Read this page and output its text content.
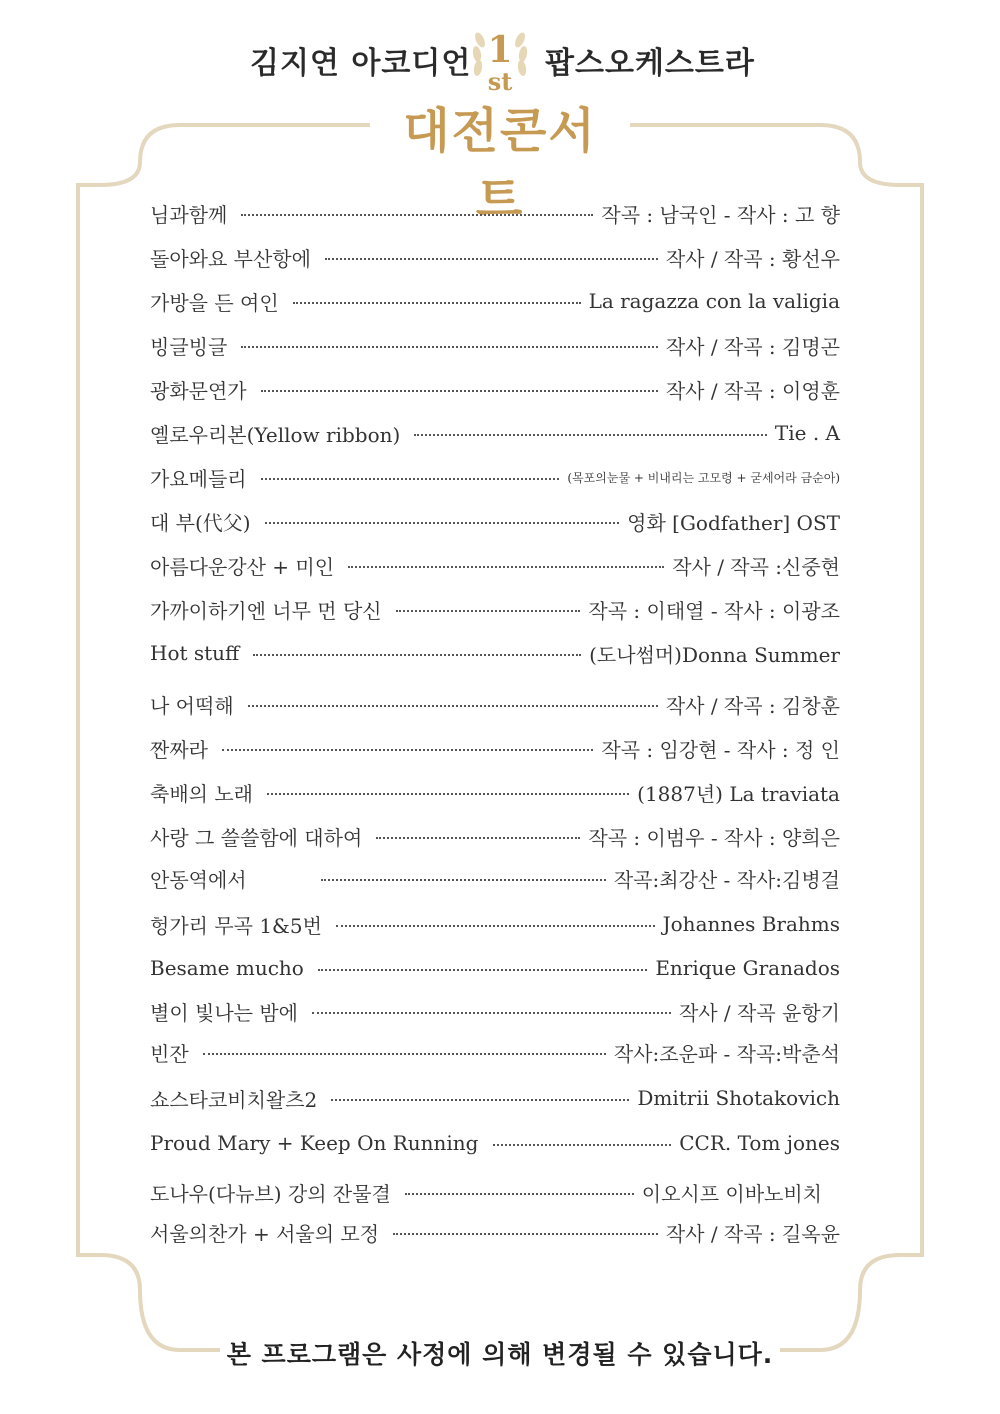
김지연 아코디언 1
st
팝스오케스트라
대전콘서트
님과함께	작곡 : 남국인 - 작사 : 고 향
돌아와요 부산항에	작사 / 작곡 : 황선우
가방을 든 여인	La ragazza con la valigia
빙글빙글	작사 / 작곡 : 김명곤
광화문연가	작사 / 작곡 : 이영훈
옐로우리본(Yellow ribbon)	Tie . A
가요메들리	(목포의눈물 + 비내리는 고모령 + 굳세어라 금순아)
대 부(代父)	영화 [Godfather] OST
아름다운강산 + 미인	작사 / 작곡 :신중현
가까이하기엔 너무 먼 당신	작곡 : 이태열 - 작사 : 이광조
Hot stuff	(도나썸머)Donna Summer
나 어떡해	작사 / 작곡 : 김창훈
짠짜라	작곡 : 임강현 - 작사 : 정 인
축배의 노래	(1887년) La traviata
사랑 그 쓸쓸함에 대하여	작곡 : 이범우 - 작사 : 양희은
안동역에서	작곡:최강산 - 작사:김병걸
헝가리 무곡 1&5번	Johannes Brahms
Besame mucho	Enrique Granados
별이 빛나는 밤에	작사 / 작곡 윤항기
빈잔	작사:조운파 - 작곡:박춘석
쇼스타코비치왈츠2	Dmitrii Shotakovich
Proud Mary + Keep On Running	CCR. Tom jones
도나우(다뉴브) 강의 잔물결	이오시프 이바노비치
서울의찬가 + 서울의 모정	작사 / 작곡 : 길옥윤
본 프로그램은 사정에 의해 변경될 수 있습니다.
